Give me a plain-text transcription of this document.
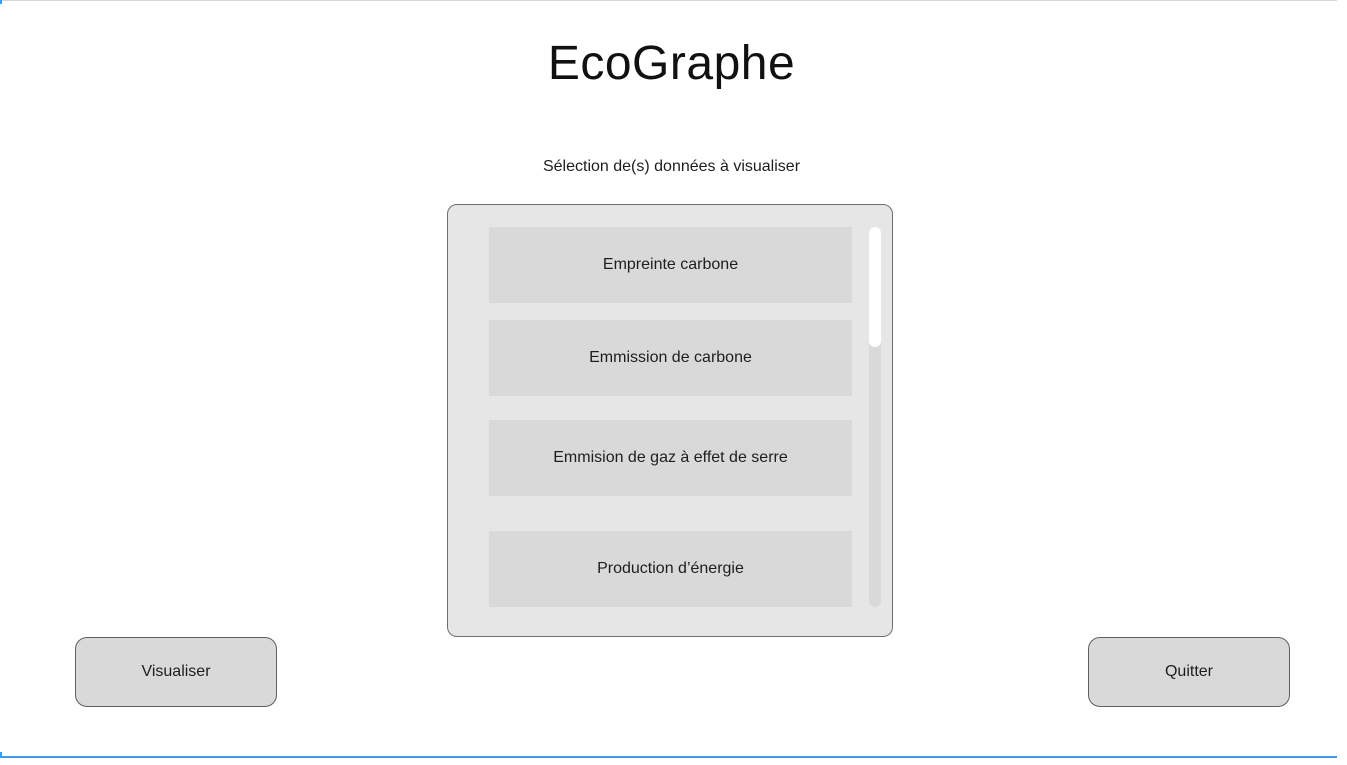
EcoGraphe
Sélection de(s) données à visualiser
Empreinte carbone
Emmission de carbone
Emmision de gaz à effet de serre
Production d’énergie
Visualiser	Quitter
